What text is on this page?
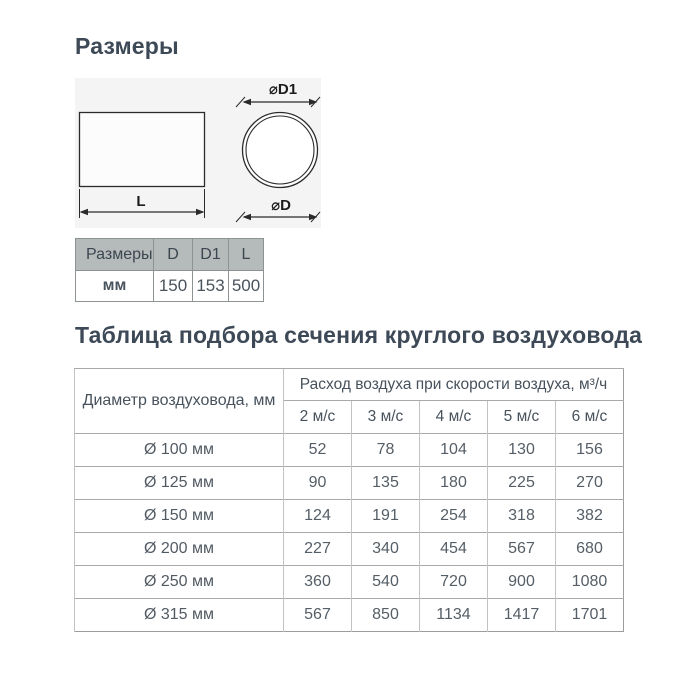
Размеры
L
⌀D1
⌀D
Размеры	D	D1	L
мм	150	153	500
Таблица подбора сечения круглого воздуховода
Диаметр воздуховода, мм	Расход воздуха при скорости воздуха, м³/ч				
	2 м/с	3 м/с	4 м/с	5 м/с	6 м/с
Ø 100 мм	52	78	104	130	156
Ø 125 мм	90	135	180	225	270
Ø 150 мм	124	191	254	318	382
Ø 200 мм	227	340	454	567	680
Ø 250 мм	360	540	720	900	1080
Ø 315 мм	567	850	1134	1417	1701
